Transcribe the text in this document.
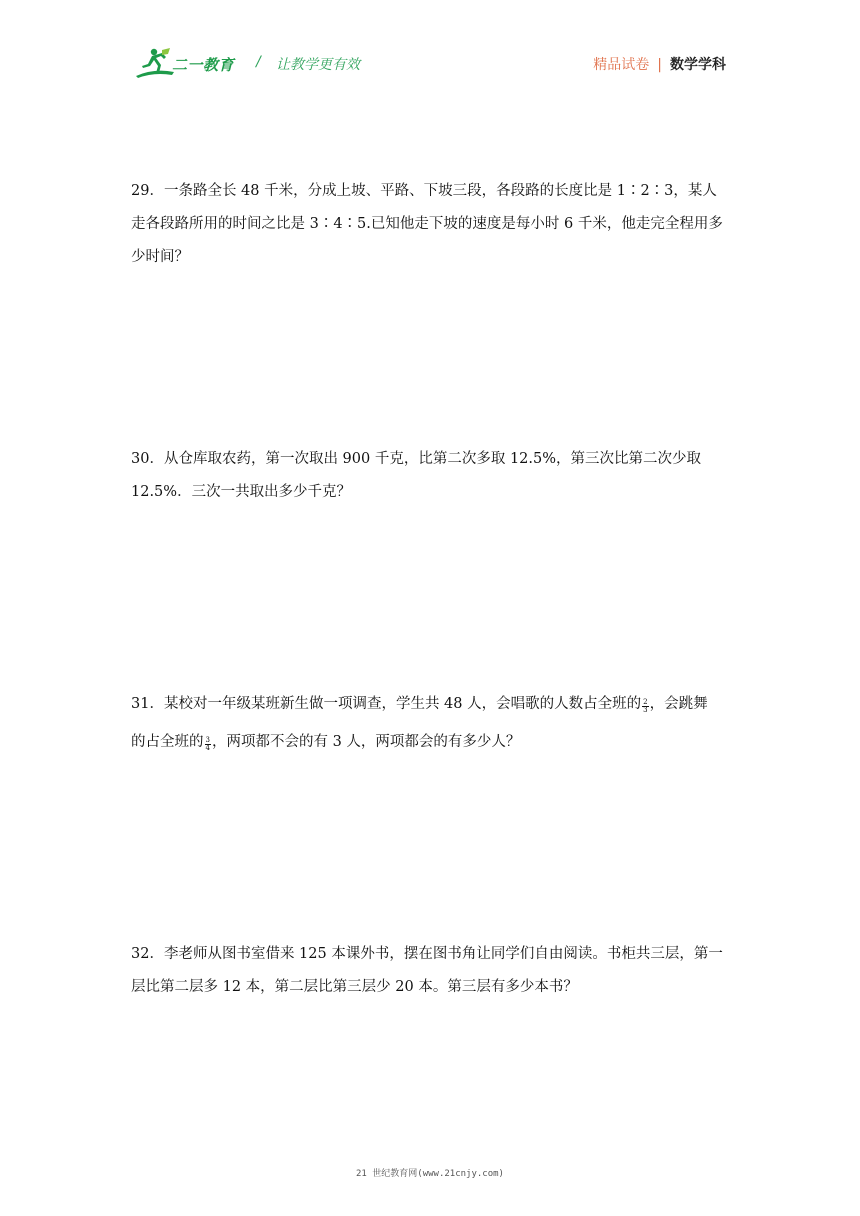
二一教育 / 让教学更有效	精品试卷 | 数学学科
29．一条路全长 48 千米，分成上坡、平路、下坡三段，各段路的长度比是 1∶2∶3，某人
走各段路所用的时间之比是 3∶4∶5.已知他走下坡的速度是每小时 6 千米，他走完全程用多
少时间？
30．从仓库取农药，第一次取出 900 千克，比第二次多取 12.5%，第三次比第二次少取
12.5%．三次一共取出多少千克？
31．某校对一年级某班新生做一项调查，学生共 48 人，会唱歌的人数占全班的 $\frac{2}{3}$ ，会跳舞
的占全班的 $\frac{3}{4}$ ，两项都不会的有 3 人，两项都会的有多少人？
32．李老师从图书室借来 125 本课外书，摆在图书角让同学们自由阅读。书柜共三层，第一
层比第二层多 12 本，第二层比第三层少 20 本。第三层有多少本书？
21 世纪教育网(www.21cnjy.com)
